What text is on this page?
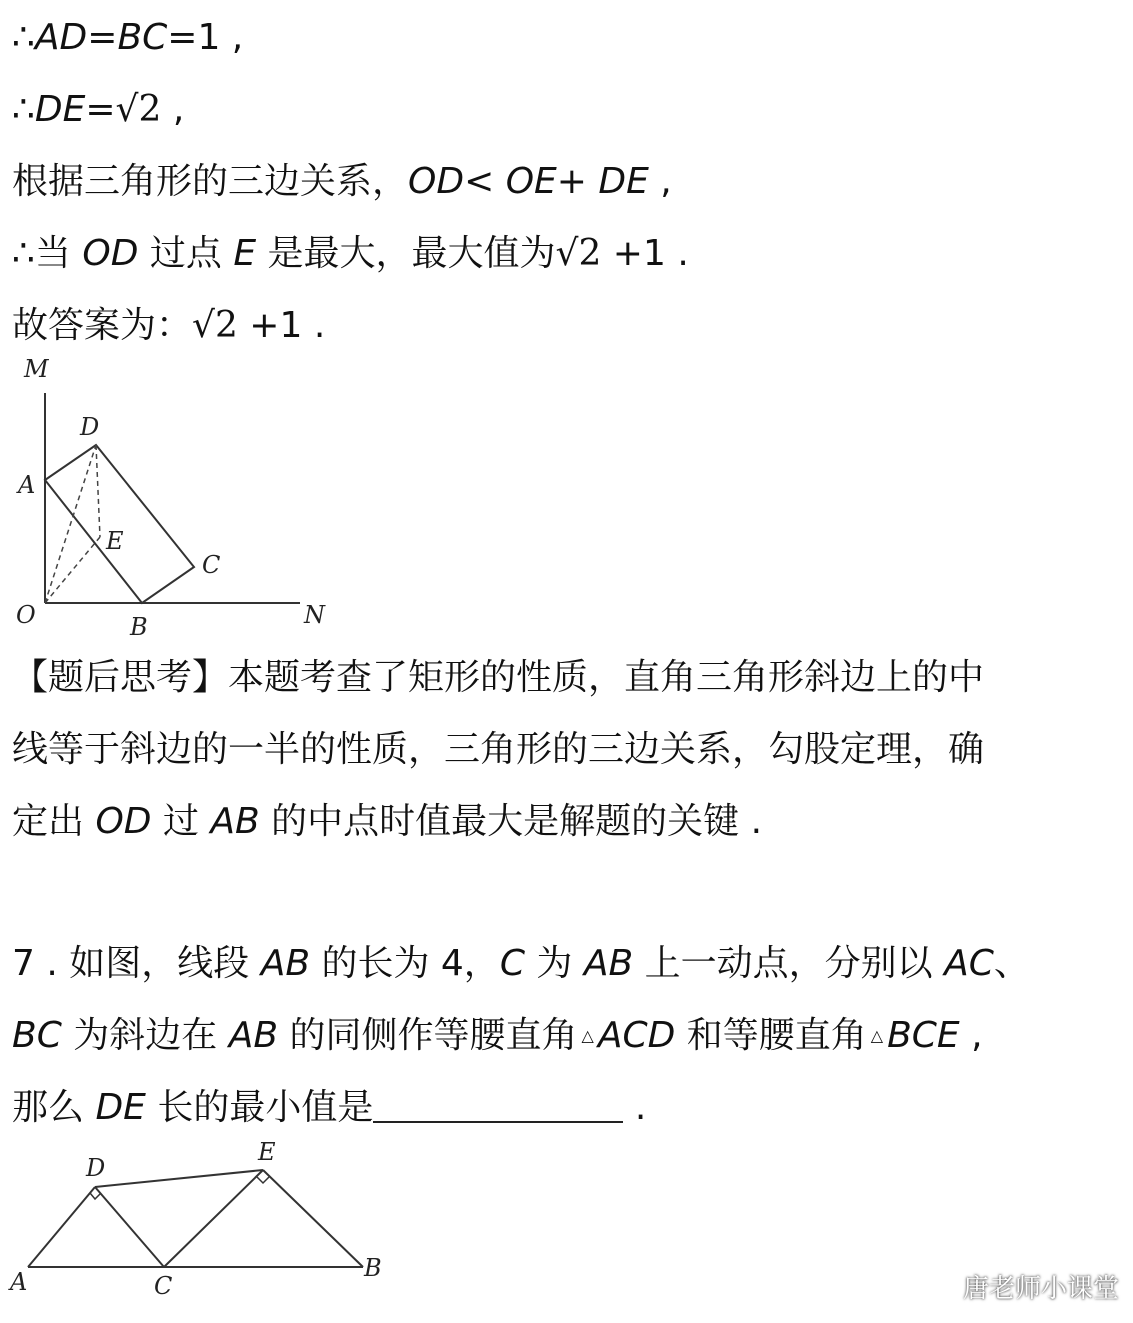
∴AD=BC=1 ,
∴DE=√2 ,
根据三角形的三边关系，OD< OE+ DE ,
∴当 OD 过点 E 是最大，最大值为√2 +1 .
故答案为：√2 +1 .
M
D
A
E
C
O	B	N
【题后思考】本题考查了矩形的性质，直角三角形斜边上的中
线等于斜边的一半的性质，三角形的三边关系，勾股定理，确
定出 OD 过 AB 的中点时值最大是解题的关键 .
7 . 如图，线段 AB 的长为 4，C 为 AB 上一动点，分别以 AC、
BC 为斜边在 AB 的同侧作等腰直角 △ ACD 和等腰直角 △ BCE ,
那么 DE 长的最小值是	.
D
E
A	C
B
唐老师小课堂
